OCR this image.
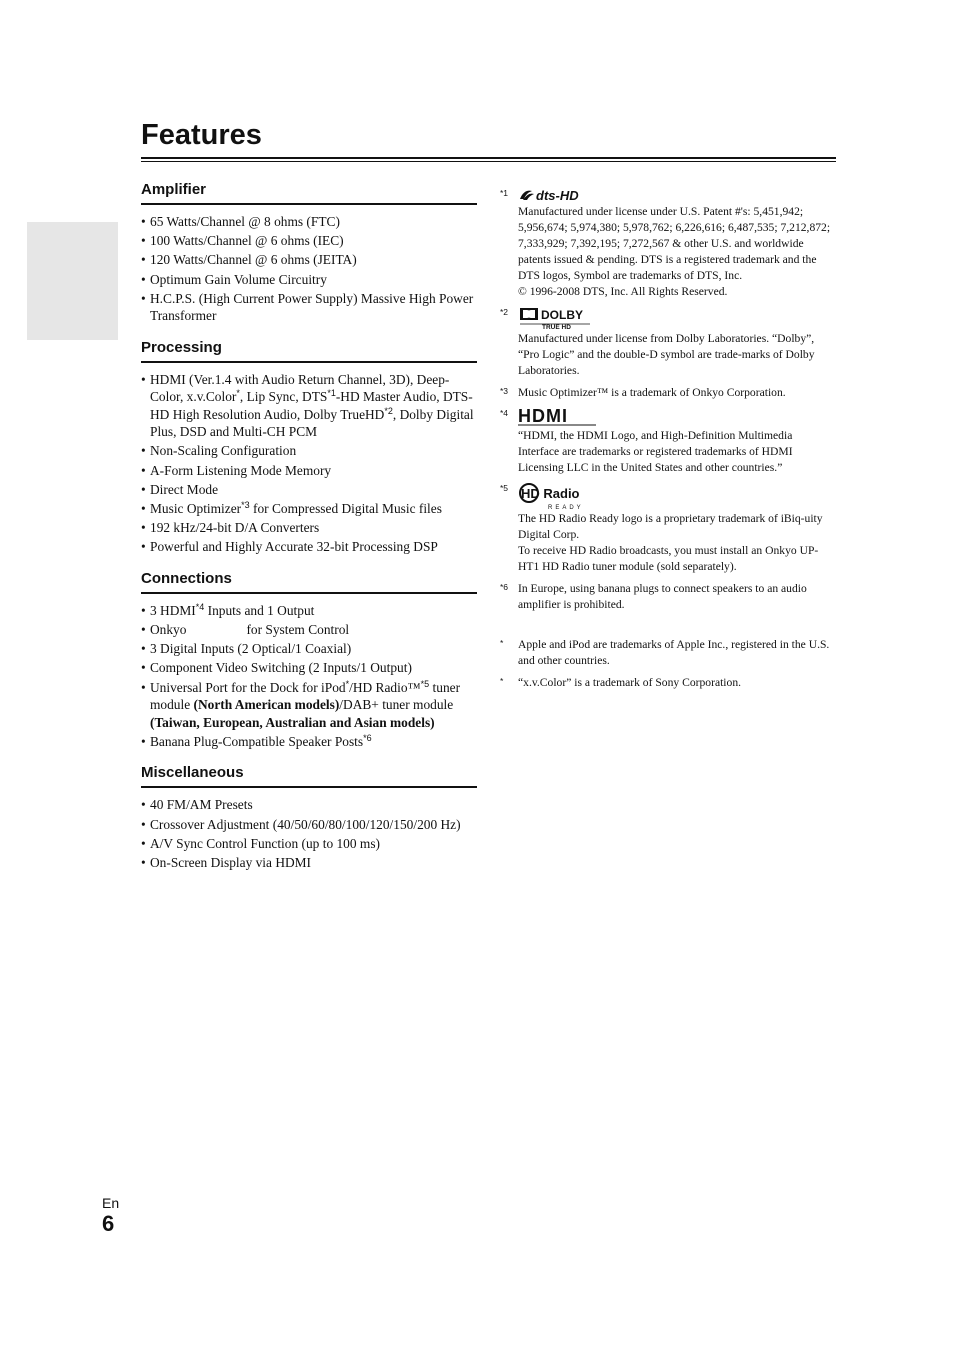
Features
Amplifier
• 65 Watts/Channel @ 8 ohms (FTC)
• 100 Watts/Channel @ 6 ohms (IEC)
• 120 Watts/Channel @ 6 ohms (JEITA)
• Optimum Gain Volume Circuitry
• H.C.P.S. (High Current Power Supply) Massive High Power Transformer
Processing
• HDMI (Ver.1.4 with Audio Return Channel, 3D), Deep-Color, x.v.Color*, Lip Sync, DTS$^{*1}$-HD Master Audio, DTS-HD High Resolution Audio, Dolby TrueHD$^{*2}$, Dolby Digital Plus, DSD and Multi-CH PCM
• Non-Scaling Configuration
• A-Form Listening Mode Memory
• Direct Mode
• Music Optimizer$^{*3}$ for Compressed Digital Music files
• 192 kHz/24-bit D/A Converters
• Powerful and Highly Accurate 32-bit Processing DSP
Connections
• 3 HDMI$^{*4}$ Inputs and 1 Output
• Onkyo	for System Control
• 3 Digital Inputs (2 Optical/1 Coaxial)
• Component Video Switching (2 Inputs/1 Output)
• Universal Port for the Dock for iPod*/HD Radio™$^{*5}$ tuner module (North American models)/DAB+ tuner module (Taiwan, European, Australian and Asian models)
• Banana Plug-Compatible Speaker Posts$^{*6}$
Miscellaneous
• 40 FM/AM Presets
• Crossover Adjustment (40/50/60/80/100/120/150/200 Hz)
• A/V Sync Control Function (up to 100 ms)
• On-Screen Display via HDMI
*1 dts-HD

Manufactured under license under U.S. Patent #'s: 5,451,942; 5,956,674; 5,974,380; 5,978,762; 6,226,616; 6,487,535; 7,212,872; 7,333,929; 7,392,195; 7,272,567 & other U.S. and worldwide patents issued & pending. DTS is a registered trademark and the DTS logos, Symbol are trademarks of DTS, Inc.

© 1996-2008 DTS, Inc. All Rights Reserved.

*2	DOLBY
TRUE HD

Manufactured under license from Dolby Laboratories. “Dolby”, “Pro Logic” and the double-D symbol are trade-marks of Dolby Laboratories.

*3 Music Optimizer™ is a trademark of Onkyo Corporation.

*4 HDMI

“HDMI, the HDMI Logo, and High-Definition Multimedia Interface are trademarks or registered trademarks of HDMI Licensing LLC in the United States and other countries.”

*5 HD Radio
READY

The HD Radio Ready logo is a proprietary trademark of iBiq-uity Digital Corp.

To receive HD Radio broadcasts, you must install an Onkyo UP-HT1 HD Radio tuner module (sold separately).

*6 In Europe, using banana plugs to connect speakers to an audio amplifier is prohibited.

* Apple and iPod are trademarks of Apple Inc., registered in the U.S. and other countries.

* “x.v.Color” is a trademark of Sony Corporation.

En
6
